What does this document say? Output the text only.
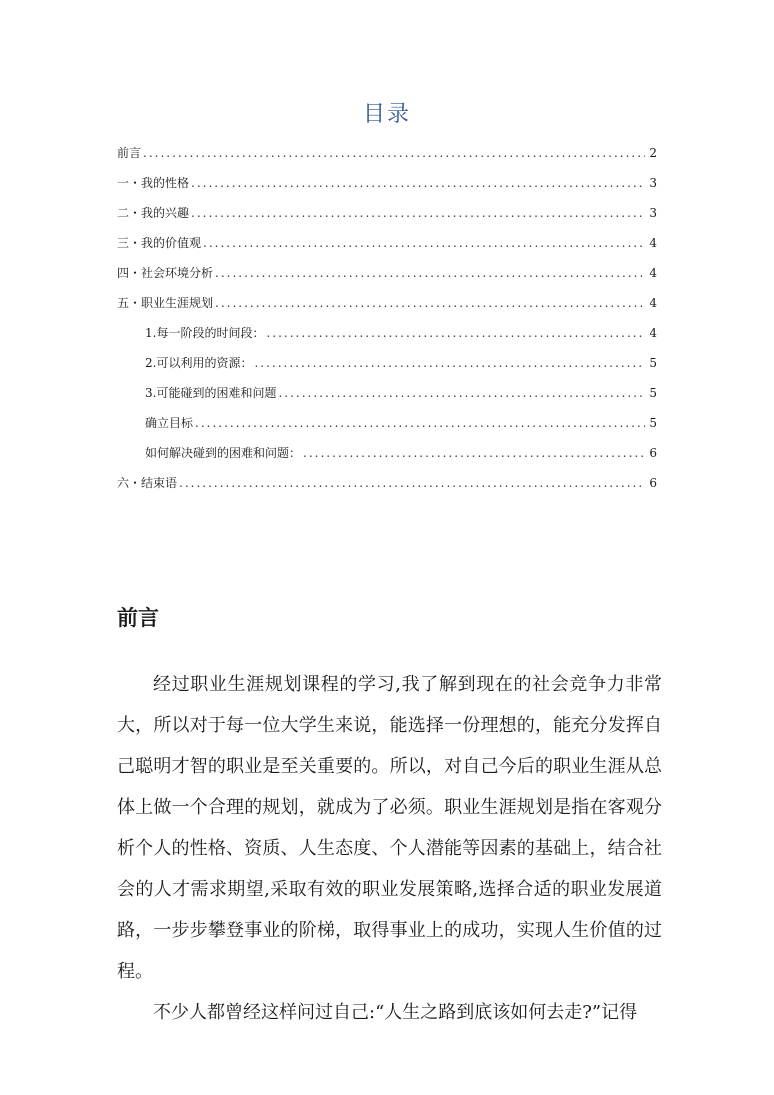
目录
前言 .....	2
一・我的性格 .....	3
二・我的兴趣 .....	3
三・我的价值观 .....	4
四・社会环境分析 .....	4
五・职业生涯规划 .....	4
1.每一阶段的时间段： .....	4
2.可以利用的资源： .....	5
3.可能碰到的困难和问题 .....	5
确立目标 .....	5
如何解决碰到的困难和问题： .....	6
六・结束语 .....	6
前言

经过职业生涯规划课程的学习,我了解到现在的社会竞争力非常大，所以对于每一位大学生来说，能选择一份理想的，能充分发挥自己聪明才智的职业是至关重要的。所以，对自己今后的职业生涯从总体上做一个合理的规划，就成为了必须。职业生涯规划是指在客观分析个人的性格、资质、人生态度、个人潜能等因素的基础上，结合社会的人才需求期望,采取有效的职业发展策略,选择合适的职业发展道路，一步步攀登事业的阶梯，取得事业上的成功，实现人生价值的过程。

不少人都曾经这样问过自己:“人生之路到底该如何去走?”记得
